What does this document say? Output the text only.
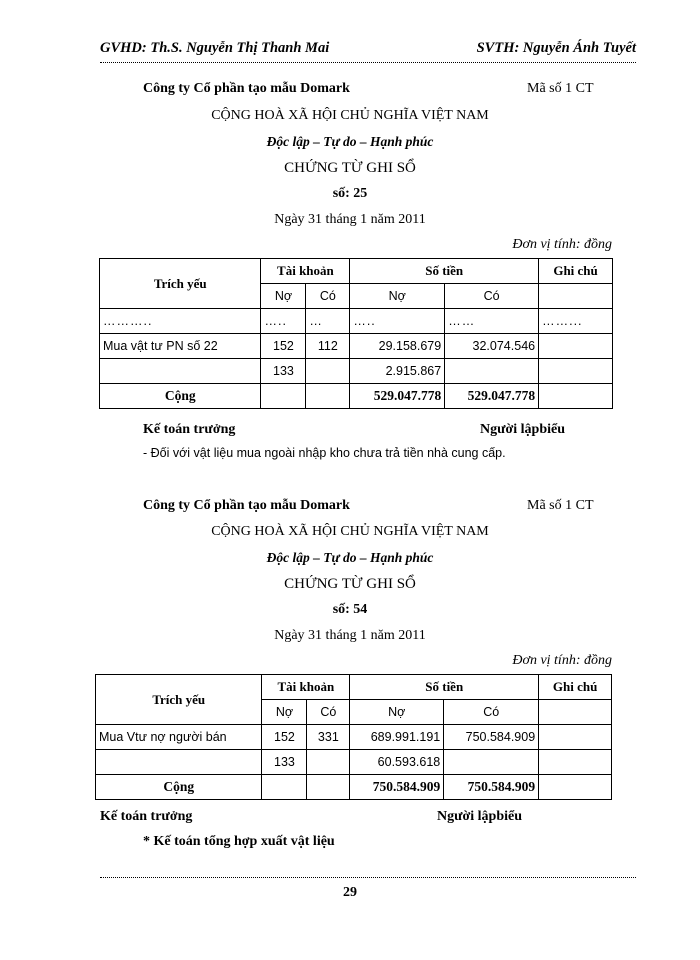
GVHD: Th.S. Nguyễn Thị Thanh Mai	SVTH: Nguyễn Ánh Tuyết
Công ty Cổ phần tạo mẫu Domark	Mã số 1 CT
CỘNG HOÀ XÃ HỘI CHỦ NGHĨA VIỆT NAM
Độc lập – Tự do – Hạnh phúc
CHỨNG TỪ GHI SỔ
số: 25
Ngày 31 tháng 1 năm 2011
Đơn vị tính: đồng
Trích yếu	Tài khoản		Số tiền		Ghi chú
	Nợ	Có	Nợ	Có	
………..	…..	…	…..	……	……...
Mua vật tư PN số 22	152	112	29.158.679	32.074.546	
	133		2.915.867		
Cộng			529.047.778	529.047.778	
Kế toán trưởng	Người lậpbiểu
- Đối với vật liệu mua ngoài nhập kho chưa trả tiền nhà cung cấp.
Công ty Cổ phần tạo mẫu Domark	Mã số 1 CT
CỘNG HOÀ XÃ HỘI CHỦ NGHĨA VIỆT NAM
Độc lập – Tự do – Hạnh phúc
CHỨNG TỪ GHI SỔ
số: 54
Ngày 31 tháng 1 năm 2011
Đơn vị tính: đồng
Trích yếu	Tài khoản		Số tiền		Ghi chú
	Nợ	Có	Nợ	Có	
Mua Vtư nợ người bán	152	331	689.991.191	750.584.909	
	133		60.593.618		
Cộng			750.584.909	750.584.909	
Kế toán trưởng	Người lậpbiểu
* Kế toán tổng hợp xuất vật liệu
29
